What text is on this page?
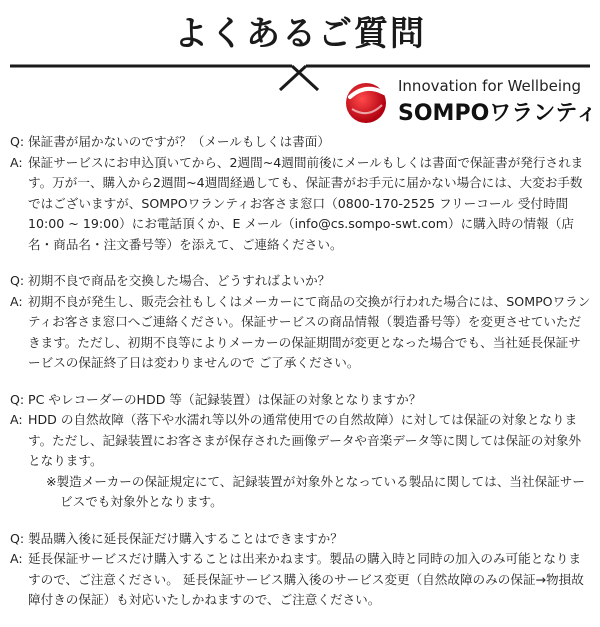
よくあるご質問
Innovation for Wellbeing
SOMPOワランティ
Q: 保証書が届かないのですが？（メールもしくは書面）
A: 保証サービスにお申込頂いてから、2週間~4週間前後にメールもしくは書面で保証書が発行されます。万が一、購入から2週間~4週間経過しても、保証書がお手元に届かない場合には、大変お手数ではございますが、SOMPOワランティお客さま窓口（0800-170-2525 フリーコール 受付時間 10:00 ~ 19:00）にお電話頂くか、E メール（info@cs.sompo-swt.com）に購入時の情報（店名・商品名・注文番号等）を添えて、ご連絡ください。
Q: 初期不良で商品を交換した場合、どうすればよいか？
A: 初期不良が発生し、販売会社もしくはメーカーにて商品の交換が行われた場合には、SOMPOワランティお客さま窓口へご連絡ください。保証サービスの商品情報（製造番号等）を変更させていただきます。ただし、初期不良等によりメーカーの保証期間が変更となった場合でも、当社延長保証サービスの保証終了日は変わりませんので ご了承ください。
Q: PC やレコーダーのHDD 等（記録装置）は保証の対象となりますか？
A: HDD の自然故障（落下や水濡れ等以外の通常使用での自然故障）に対しては保証の対象となります。ただし、記録装置にお客さまが保存された画像データや音楽データ等に関しては保証の対象外となります。
※製造メーカーの保証規定にて、記録装置が対象外となっている製品に関しては、当社保証サービスでも対象外となります。
Q: 製品購入後に延長保証だけ購入することはできますか？
A: 延長保証サービスだけ購入することは出来かねます。製品の購入時と同時の加入のみ可能となりますので、ご注意ください。 延長保証サービス購入後のサービス変更（自然故障のみの保証→物損故障付きの保証）も対応いたしかねますので、ご注意ください。
